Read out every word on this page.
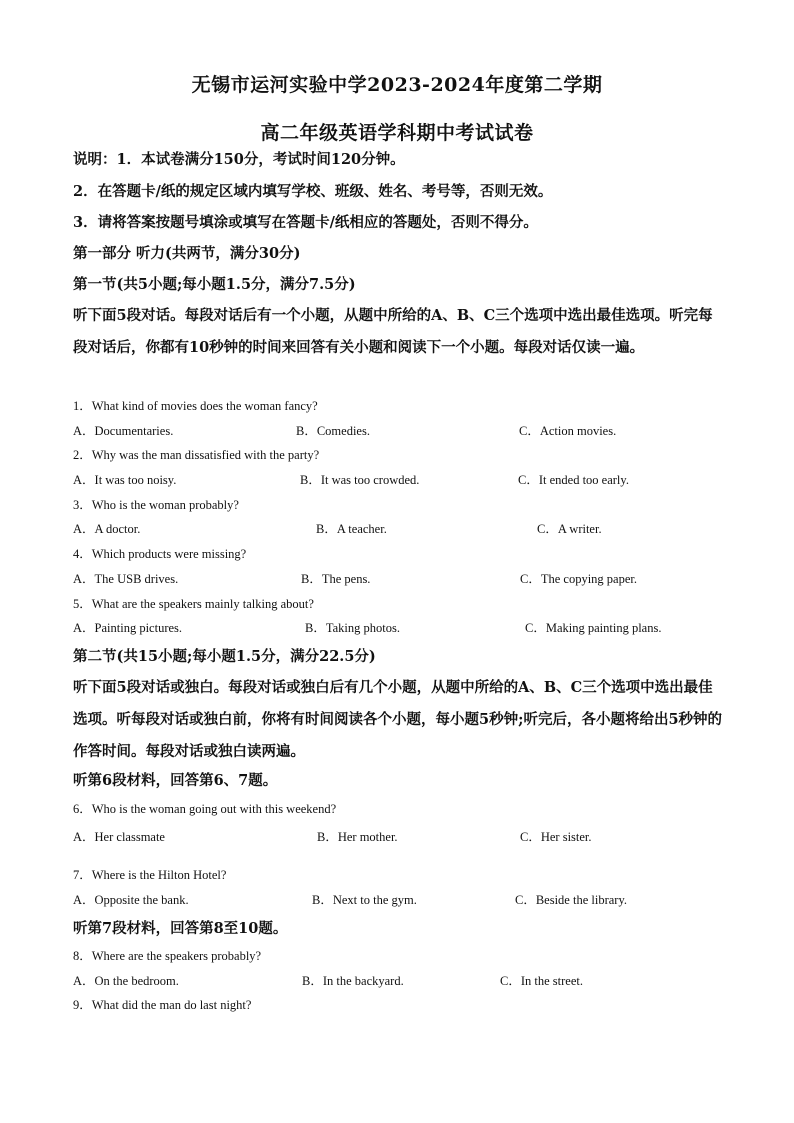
无锡市运河实验中学2023-2024年度第二学期
高二年级英语学科期中考试试卷
说明：1．本试卷满分150分，考试时间120分钟。
2．在答题卡/纸的规定区域内填写学校、班级、姓名、考号等，否则无效。
3．请将答案按题号填涂或填写在答题卡/纸相应的答题处，否则不得分。
第一部分 听力(共两节，满分30分)
第一节(共5小题;每小题1.5分，满分7.5分)
听下面5段对话。每段对话后有一个小题，从题中所给的A、B、C三个选项中选出最佳选项。听完每段对话后，你都有10秒钟的时间来回答有关小题和阅读下一个小题。每段对话仅读一遍。
1．What kind of movies does the woman fancy?
A．Documentaries.	B．Comedies.	C．Action movies.
2．Why was the man dissatisfied with the party?
A．It was too noisy.	B．It was too crowded.	C．It ended too early.
3．Who is the woman probably?
A．A doctor.	B．A teacher.	C．A writer.
4．Which products were missing?
A．The USB drives.	B．The pens.	C．The copying paper.
5．What are the speakers mainly talking about?
A．Painting pictures.	B．Taking photos.	C．Making painting plans.
第二节(共15小题;每小题1.5分，满分22.5分)
听下面5段对话或独白。每段对话或独白后有几个小题，从题中所给的A、B、C三个选项中选出最佳选项。听每段对话或独白前，你将有时间阅读各个小题，每小题5秒钟;听完后，各小题将给出5秒钟的作答时间。每段对话或独白读两遍。
听第6段材料，回答第6、7题。
6．Who is the woman going out with this weekend?
A．Her classmate	B．Her mother.	C．Her sister.
7．Where is the Hilton Hotel?
A．Opposite the bank.	B．Next to the gym.	C．Beside the library.
听第7段材料，回答第8至10题。
8．Where are the speakers probably?
A．On the bedroom.	B．In the backyard.	C．In the street.
9．What did the man do last night?
